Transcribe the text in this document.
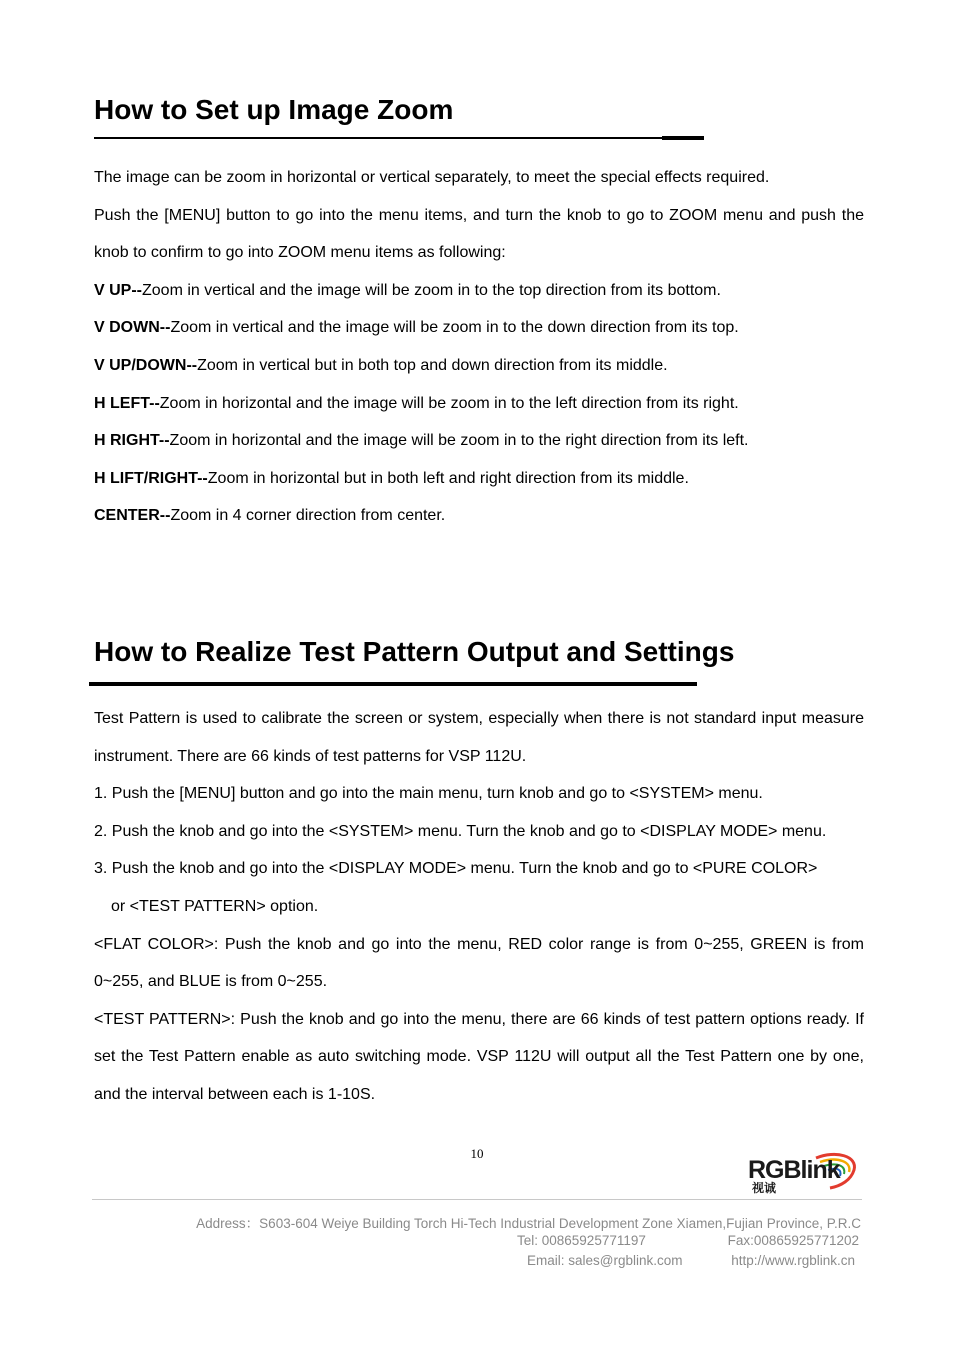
How to Set up Image Zoom

The image can be zoom in horizontal or vertical separately, to meet the special effects required.

Push the [MENU] button to go into the menu items, and turn the knob to go to ZOOM menu and push the knob to confirm to go into ZOOM menu items as following:

V UP--Zoom in vertical and the image will be zoom in to the top direction from its bottom.

V DOWN--Zoom in vertical and the image will be zoom in to the down direction from its top.

V UP/DOWN--Zoom in vertical but in both top and down direction from its middle.

H LEFT--Zoom in horizontal and the image will be zoom in to the left direction from its right.

H RIGHT--Zoom in horizontal and the image will be zoom in to the right direction from its left.

H LIFT/RIGHT--Zoom in horizontal but in both left and right direction from its middle.

CENTER--Zoom in 4 corner direction from center.

How to Realize Test Pattern Output and Settings

Test Pattern is used to calibrate the screen or system, especially when there is not standard input measure instrument. There are 66 kinds of test patterns for VSP 112U.

1. Push the [MENU] button and go into the main menu, turn knob and go to <SYSTEM> menu.

2. Push the knob and go into the <SYSTEM> menu. Turn the knob and go to <DISPLAY MODE> menu.

3. Push the knob and go into the <DISPLAY MODE> menu. Turn the knob and go to <PURE COLOR>

or <TEST PATTERN> option.

<FLAT COLOR>: Push the knob and go into the menu, RED color range is from 0~255, GREEN is from 0~255, and BLUE is from 0~255.

<TEST PATTERN>: Push the knob and go into the menu, there are 66 kinds of test pattern options ready. If set the Test Pattern enable as auto switching mode. VSP 112U will output all the Test Pattern one by one, and the interval between each is 1-10S.

10
RGBlink
视诚
Address：S603-604 Weiye Building Torch Hi-Tech Industrial Development Zone Xiamen,Fujian Province, P.R.C
Tel: 00865925771197	Fax:00865925771202
Email: sales@rgblink.com	http://www.rgblink.cn
